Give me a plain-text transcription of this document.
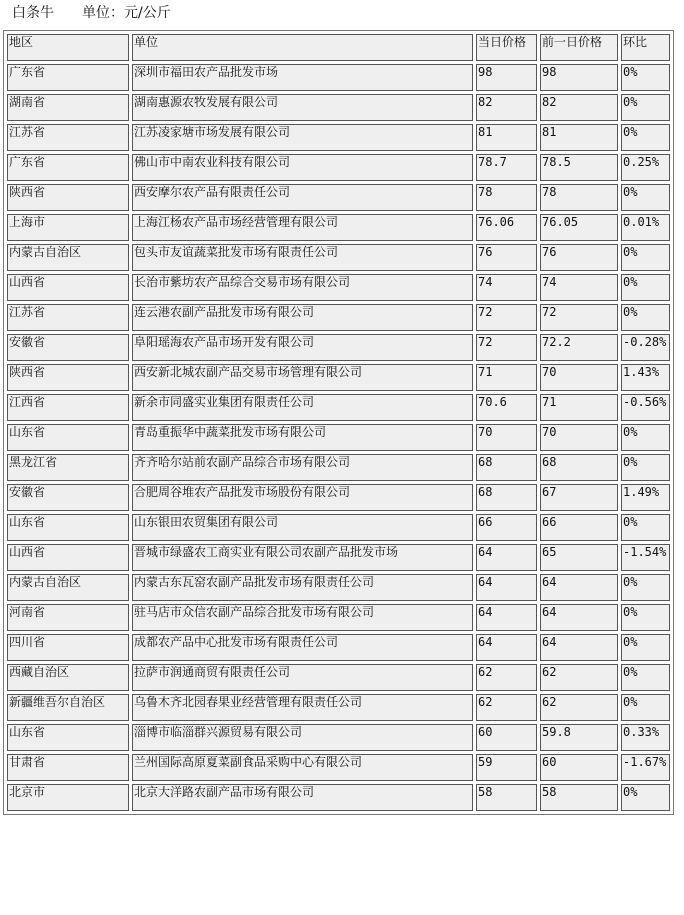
白条牛 单位：元/公斤
地区	单位	当日价格	前一日价格	环比
广东省	深圳市福田农产品批发市场	98	98	0%
湖南省	湖南惠源农牧发展有限公司	82	82	0%
江苏省	江苏凌家塘市场发展有限公司	81	81	0%
广东省	佛山市中南农业科技有限公司	78.7	78.5	0.25%
陕西省	西安摩尔农产品有限责任公司	78	78	0%
上海市	上海江杨农产品市场经营管理有限公司	76.06	76.05	0.01%
内蒙古自治区	包头市友谊蔬菜批发市场有限责任公司	76	76	0%
山西省	长治市紫坊农产品综合交易市场有限公司	74	74	0%
江苏省	连云港农副产品批发市场有限公司	72	72	0%
安徽省	阜阳瑶海农产品市场开发有限公司	72	72.2	-0.28%
陕西省	西安新北城农副产品交易市场管理有限公司	71	70	1.43%
江西省	新余市同盛实业集团有限责任公司	70.6	71	-0.56%
山东省	青岛重振华中蔬菜批发市场有限公司	70	70	0%
黑龙江省	齐齐哈尔站前农副产品综合市场有限公司	68	68	0%
安徽省	合肥周谷堆农产品批发市场股份有限公司	68	67	1.49%
山东省	山东银田农贸集团有限公司	66	66	0%
山西省	晋城市绿盛农工商实业有限公司农副产品批发市场	64	65	-1.54%
内蒙古自治区	内蒙古东瓦窑农副产品批发市场有限责任公司	64	64	0%
河南省	驻马店市众信农副产品综合批发市场有限公司	64	64	0%
四川省	成都农产品中心批发市场有限责任公司	64	64	0%
西藏自治区	拉萨市润通商贸有限责任公司	62	62	0%
新疆维吾尔自治区	乌鲁木齐北园春果业经营管理有限责任公司	62	62	0%
山东省	淄博市临淄群兴源贸易有限公司	60	59.8	0.33%
甘肃省	兰州国际高原夏菜副食品采购中心有限公司	59	60	-1.67%
北京市	北京大洋路农副产品市场有限公司	58	58	0%
